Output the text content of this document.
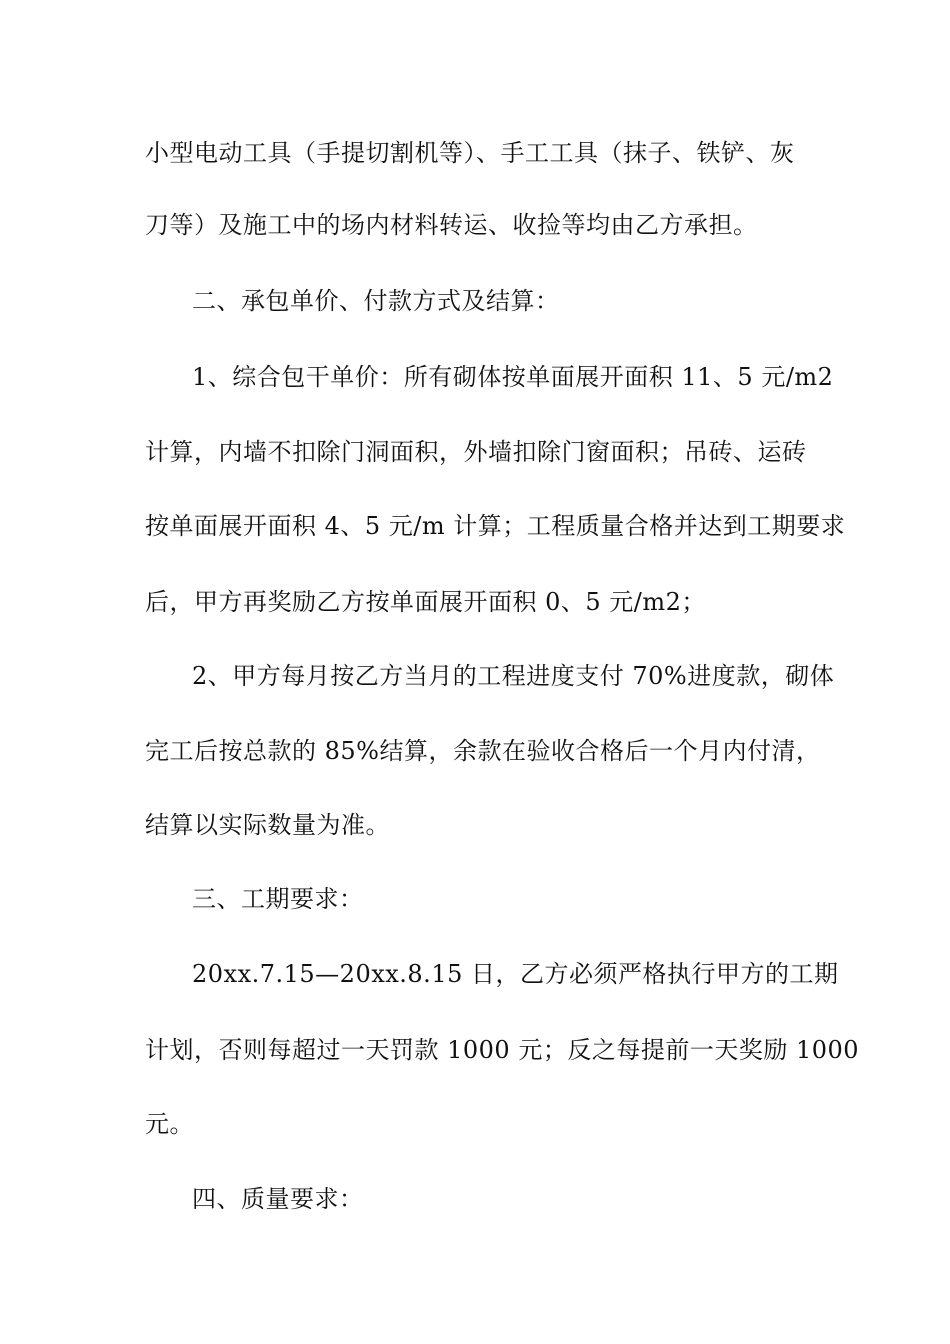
小型电动工具（手提切割机等）、手工工具（抹子、铁铲、灰
刀等）及施工中的场内材料转运、收捡等均由乙方承担。
二、承包单价、付款方式及结算：
1、综合包干单价：所有砌体按单面展开面积 11、5 元/m2
计算，内墙不扣除门洞面积，外墙扣除门窗面积；吊砖、运砖
按单面展开面积 4、5 元/m 计算；工程质量合格并达到工期要求
后，甲方再奖励乙方按单面展开面积 0、5 元/m2；
2、甲方每月按乙方当月的工程进度支付 70%进度款，砌体
完工后按总款的 85%结算，余款在验收合格后一个月内付清，
结算以实际数量为准。
三、工期要求：
20xx.7.15—20xx.8.15 日，乙方必须严格执行甲方的工期
计划，否则每超过一天罚款 1000 元；反之每提前一天奖励 1000
元。
四、质量要求：
